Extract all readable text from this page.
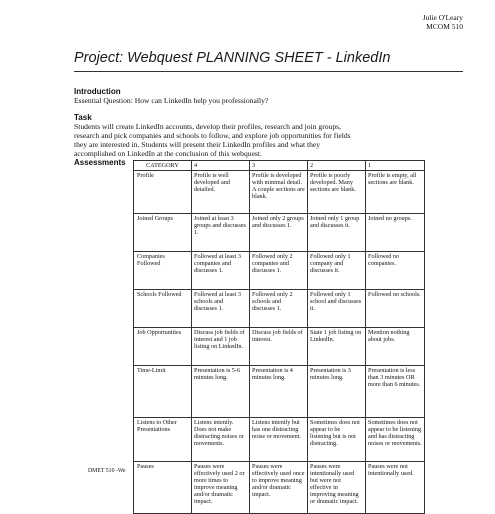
Julie O'Leary
MCOM 510
Project: Webquest PLANNING SHEET - LinkedIn
Introduction
Essential Question: How can LinkedIn help you professionally?
Task
Students will create LinkedIn accounts, develop their profiles, research and join groups,
research and pick companies and schools to follow, and explore job opportunities for fields
they are interested in. Students will present their LinkedIn profiles and what they
accomplished on LinkedIn at the conclusion of this webquest.
Assessments	CATEGORY	4	3	2	1
Profile	Profile is well developed and detailed.	Profile is developed with minimal detail. A couple sections are blank.	Profile is poorly developed. Many sections are blank.	Profile is empty, all sections are blank.
Joined Groups	Joined at least 3 groups and discusses 1.	Joined only 2 groups and discusses 1.	Joined only 1 group and discusses it.	Joined no groups.
Companies Followed	Followed at least 3 companies and discusses 1.	Followed only 2 companies and discusses 1.	Followed only 1 company and discusses it.	Followed no companies.
Schools Followed	Followed at least 3 schools and discusses 1.	Followed only 2 schools and discusses 1.	Followed only 1 school and discusses it.	Followed no schools.
Job Opportunities	Discuss job fields of interest and 1 job listing on LinkedIn.	Discuss job fields of interest.	State 1 job listing on LinkedIn.	Mention nothing about jobs.
Time-Limit	Presentation is 5-6 minutes long.	Presentation is 4 minutes long.	Presentation is 3 minutes long.	Presentation is less than 3 minutes OR more than 6 minutes.
Listens to Other Presentations	Listens intently. Does not make distracting noises or movements.	Listens intently but has one distracting noise or movement.	Sometimes does not appear to be listening but is not distracting.	Sometimes does not appear to be listening and has distracting noises or movements.
Pauses	Pauses were effectively used 2 or more times to improve meaning and/or dramatic impact.	Pauses were effectively used once to improve meaning and/or dramatic impact.	Pauses were intentionally used but were not effective in improving meaning or dramatic impact.	Pauses were not intentionally used.
DMET 510 -We
